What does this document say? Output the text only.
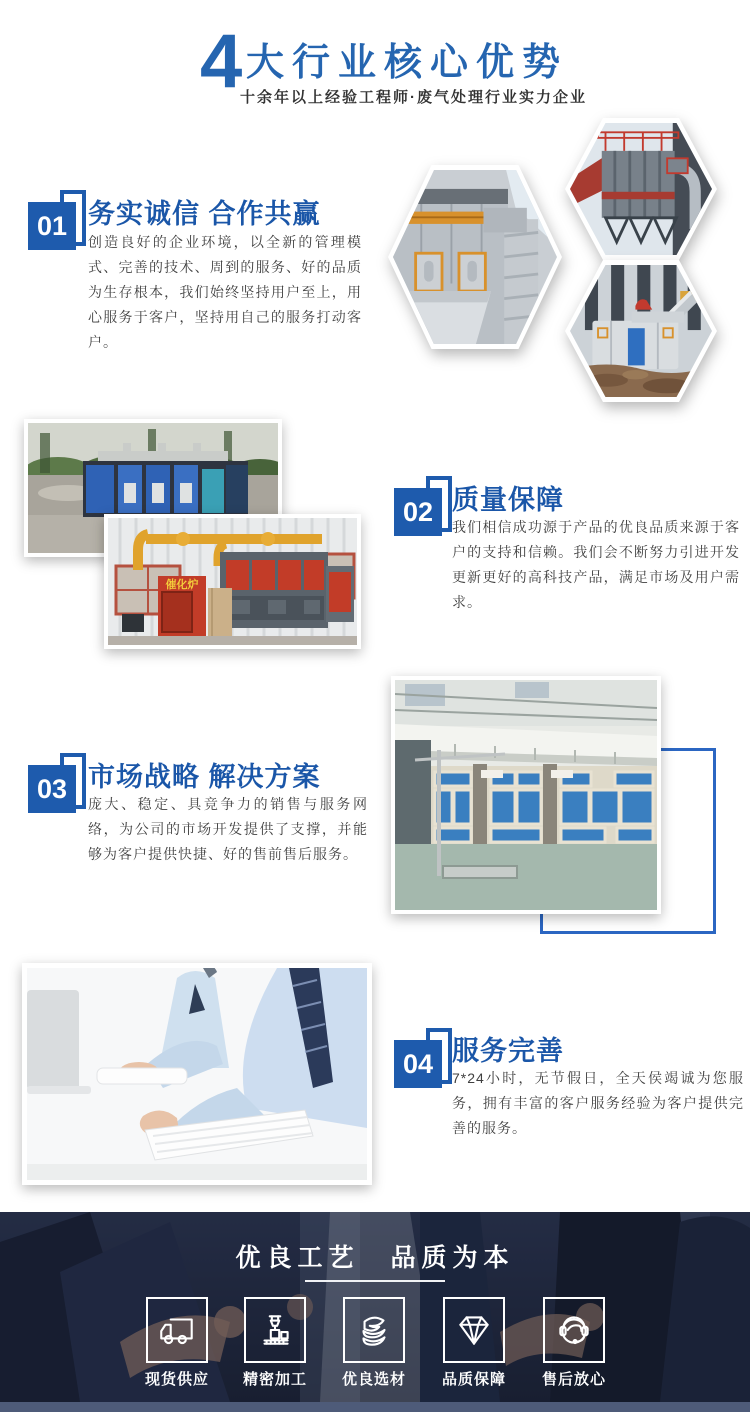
4 大行业核心优势
十余年以上经验工程师·废气处理行业实力企业
01 务实诚信 合作共赢
创造良好的企业环境，以全新的管理模式、完善的技术、周到的服务、好的品质为生存根本，我们始终坚持用户至上，用心服务于客户，坚持用自己的服务打动客户。
催化炉
02 质量保障
我们相信成功源于产品的优良品质来源于客户的支持和信赖。我们会不断努力引进开发更新更好的高科技产品，满足市场及用户需求。
03 市场战略 解决方案
庞大、稳定、具竞争力的销售与服务网络，为公司的市场开发提供了支撑，并能够为客户提供快捷、好的售前售后服务。
04 服务完善
7*24小时，无节假日，全天侯竭诚为您服务，拥有丰富的客户服务经验为客户提供完善的服务。
优良工艺　品质为本
现货供应	精密加工	优良选材	品质保障	售后放心
